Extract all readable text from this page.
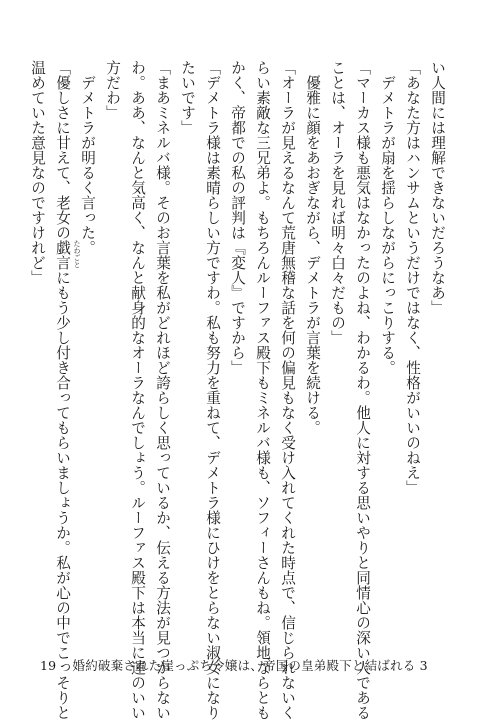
い人間には理解できないだろうなあ」
「あなた方はハンサムというだけではなく、性格がいいのねえ」
　デメトラが扇を揺らしながらにっこりする。
「マーカス様も悪気はなかったのよね、わかるわ。他人に対する思いやりと同情心の深い人である
ことは、オーラを見れば明々白々だもの」
　優雅に顔をあおぎながら、デメトラが言葉を続ける。
「オーラが見えるなんて荒唐無稽な話を何の偏見もなく受け入れてくれた時点で、信じられないく
らい素敵な三兄弟よ。もちろんルーファス殿下もミネルバ様も、ソフィーさんもね。領地ならとも
かく、帝都での私の評判は『変人』ですから」
「デメトラ様は素晴らしい方ですわ。私も努力を重ねて、デメトラ様にひけをとらない淑女になり
たいです」
「まあミネルバ様。そのお言葉を私がどれほど誇らしく思っているか、伝える方法が見つからない
わ。ああ、なんと気高く、なんと献身的なオーラなんでしょう。ルーファス殿下は本当に運のいい
方だわ」
　デメトラが明るく言った。
「優しさに甘えて、老女の戯言 たわごと
にもう少し付き合ってもらいましょうか。私が心の中でこっそりと
温めていた意見なのですけれど」
19 婚約破棄された崖っぷち令嬢は、帝国の皇弟殿下と結ばれる 3
